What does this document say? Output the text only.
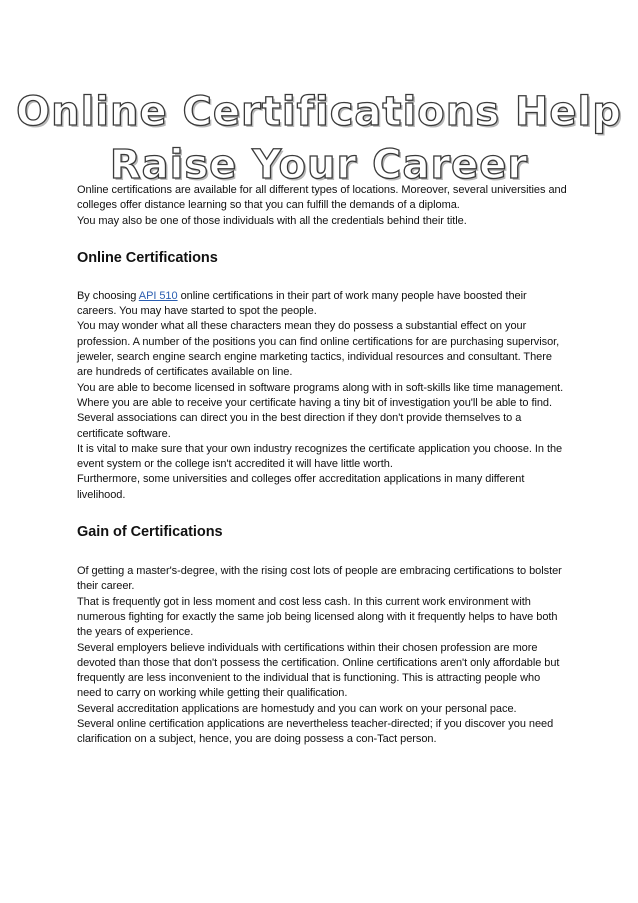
Online Certifications Help
Raise Your Career

Online certifications are available for all different types of locations. Moreover, several universities and colleges offer distance learning so that you can fulfill the demands of a diploma.

You may also be one of those individuals with all the credentials behind their title.

Online Certifications

By choosing API 510 online certifications in their part of work many people have boosted their careers. You may have started to spot the people.

You may wonder what all these characters mean they do possess a substantial effect on your profession. A number of the positions you can find online certifications for are purchasing supervisor, jeweler, search engine search engine marketing tactics, individual resources and consultant. There are hundreds of certificates available on line.

You are able to become licensed in software programs along with in soft-skills like time management. Where you are able to receive your certificate having a tiny bit of investigation you'll be able to find. Several associations can direct you in the best direction if they don't provide themselves to a certificate software.

It is vital to make sure that your own industry recognizes the certificate application you choose. In the event system or the college isn't accredited it will have little worth.

Furthermore, some universities and colleges offer accreditation applications in many different livelihood.

Gain of Certifications

Of getting a master's-degree, with the rising cost lots of people are embracing certifications to bolster their career.

That is frequently got in less moment and cost less cash. In this current work environment with numerous fighting for exactly the same job being licensed along with it frequently helps to have both the years of experience.

Several employers believe individuals with certifications within their chosen profession are more devoted than those that don't possess the certification. Online certifications aren't only affordable but frequently are less inconvenient to the individual that is functioning. This is attracting people who need to carry on working while getting their qualification.

Several accreditation applications are homestudy and you can work on your personal pace.

Several online certification applications are nevertheless teacher-directed; if you discover you need clarification on a subject, hence, you are doing possess a con-Tact person.
